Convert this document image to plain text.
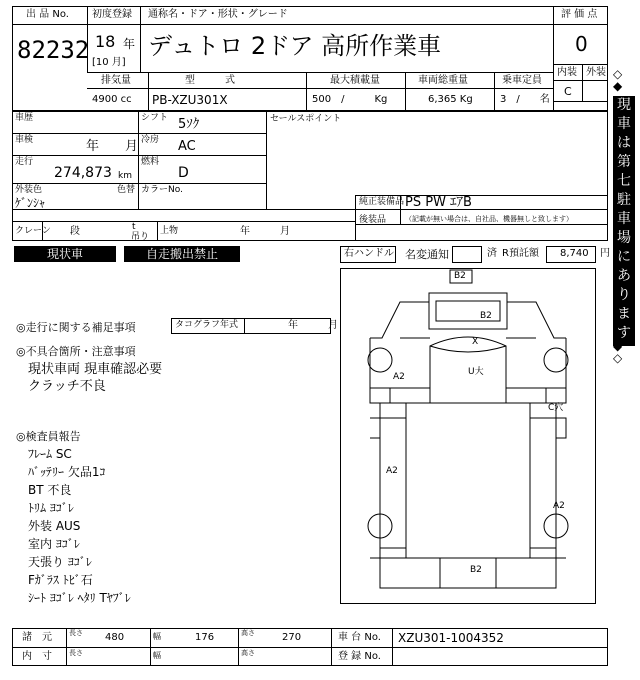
出 品 No.
82232
初度登録 通称名・ドア・形状・グレード
18 年
[10 月]
デュトロ 2ドア 高所作業車
評 価 点
0
内装 外装
C
排気量	型　　　式	最大積載量	車両総重量	乗車定員
4900 cc PB-XZU301X	500　/　　　Kg	6,365 Kg	3　/　　名
車歴	シフト 5ｿｸ	セールスポイント
車検	年　　月 冷房 AC
走行
274,873 km
燃料
D
外装色
ｹﾞﾝｼｬ
色替 カラーNo.
純正装備品 PS PW ｴｱB
後装品	（記載が無い場合は、自社品、機器無しと致します）
クレーン 段	t
吊り
上物	年　　　月
現状車	自走搬出禁止	右ハンドル 名変通知	済 R預託額 8,740 円
◎走行に関する補足事項	タコグラフ年式	年　　　月
◎不具合箇所・注意事項
現状車両 現車確認必要
クラッチ不良
◎検査員報告
ﾌﾚｰﾑ SC
ﾊﾞｯﾃﾘｰ 欠品1ｺ
BT 不良
ﾄﾘﾑ ﾖｺﾞﾚ
外装 AUS
室内 ﾖｺﾞﾚ
天張り ﾖｺﾞﾚ
Fｶﾞﾗｽ ﾄﾋﾞ石
ｼｰﾄ ﾖｺﾞﾚ ﾍﾀﾘ Tﾔﾌﾞﾚ
B2
B2
X
U大
A2
C穴
A2
A2
B2
◇
◆
現
車
は
第
七
駐
車
場
に
あ
り
ま
す
◆
◇
諸　元 長さ 480	幅	176	高さ	270	車 台 No. XZU301-1004352
内　寸 長さ	幅	高さ	登 録 No.
